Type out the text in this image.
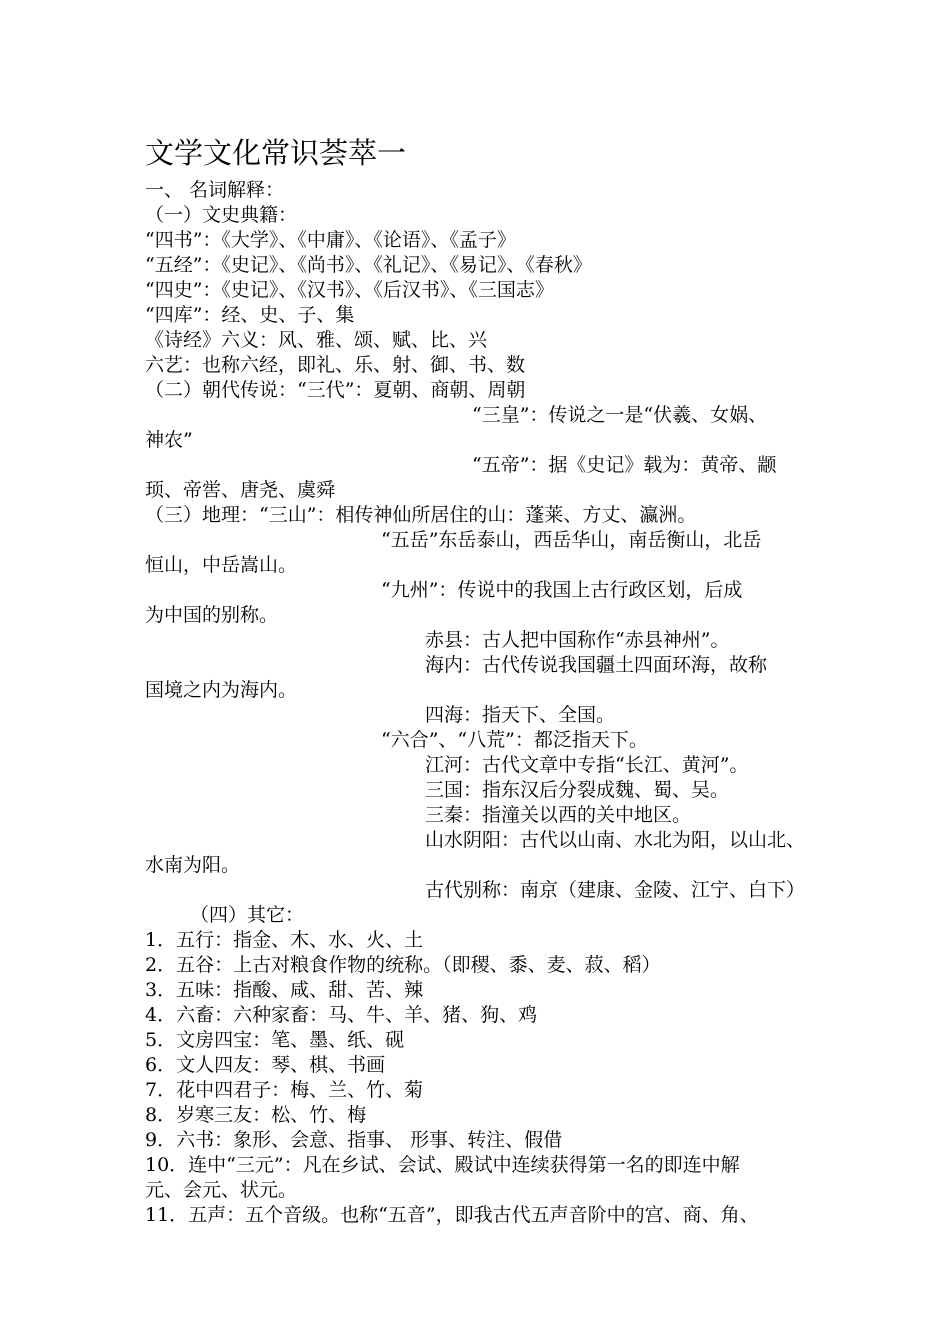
文学文化常识荟萃一
一、 名词解释：
（一）文史典籍：
“四书”：《大学》、《中庸》、《论语》、《孟子》
“五经”：《史记》、《尚书》、《礼记》、《易记》、《春秋》
“四史”：《史记》、《汉书》、《后汉书》、《三国志》
“四库”：经、史、子、集
《诗经》六义：风、雅、颂、赋、比、兴
六艺：也称六经，即礼、乐、射、御、书、数
（二）朝代传说：“三代”：夏朝、商朝、周朝
“三皇”：传说之一是“伏羲、女娲、
神农”
“五帝”：据《史记》载为：黄帝、颛
顼、帝喾、唐尧、虞舜
（三）地理：“三山”：相传神仙所居住的山：蓬莱、方丈、瀛洲。
“五岳”东岳泰山，西岳华山，南岳衡山，北岳
恒山，中岳嵩山。
“九州”：传说中的我国上古行政区划，后成
为中国的别称。
赤县：古人把中国称作“赤县神州”。
海内：古代传说我国疆土四面环海，故称
国境之内为海内。
四海：指天下、全国。
“六合”、“八荒”：都泛指天下。
江河：古代文章中专指“长江、黄河”。
三国：指东汉后分裂成魏、蜀、吴。
三秦：指潼关以西的关中地区。
山水阴阳：古代以山南、水北为阳，以山北、
水南为阳。
古代别称：南京（建康、金陵、江宁、白下）
（四）其它：
1．五行：指金、木、水、火、土
2．五谷：上古对粮食作物的统称。（即稷、黍、麦、菽、稻）
3．五味：指酸、咸、甜、苦、辣
4．六畜：六种家畜：马、牛、羊、猪、狗、鸡
5．文房四宝：笔、墨、纸、砚
6．文人四友：琴、棋、书画
7．花中四君子：梅、兰、竹、菊
8．岁寒三友：松、竹、梅
9．六书：象形、会意、指事、 形事、转注、假借
10．连中“三元”：凡在乡试、会试、殿试中连续获得第一名的即连中解
元、会元、状元。
11．五声：五个音级。也称“五音”，即我古代五声音阶中的宫、商、角、
